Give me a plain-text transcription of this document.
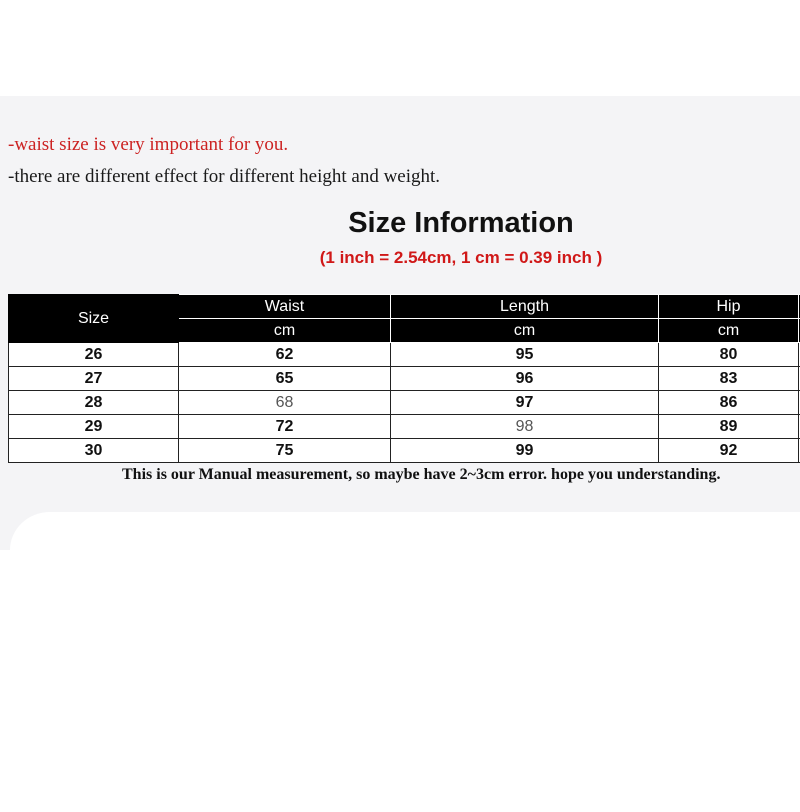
-waist size is very important for you.
-there are different effect for different height and weight.
Size Information
(1 inch = 2.54cm, 1 cm = 0.39 inch )
Size	Waist	Length	Hip	
	cm	cm	cm	
26	62	95	80	
27	65	96	83	
28	68	97	86	
29	72	98	89	
30	75	99	92	
This is our Manual measurement, so maybe have 2~3cm error. hope you understanding.
